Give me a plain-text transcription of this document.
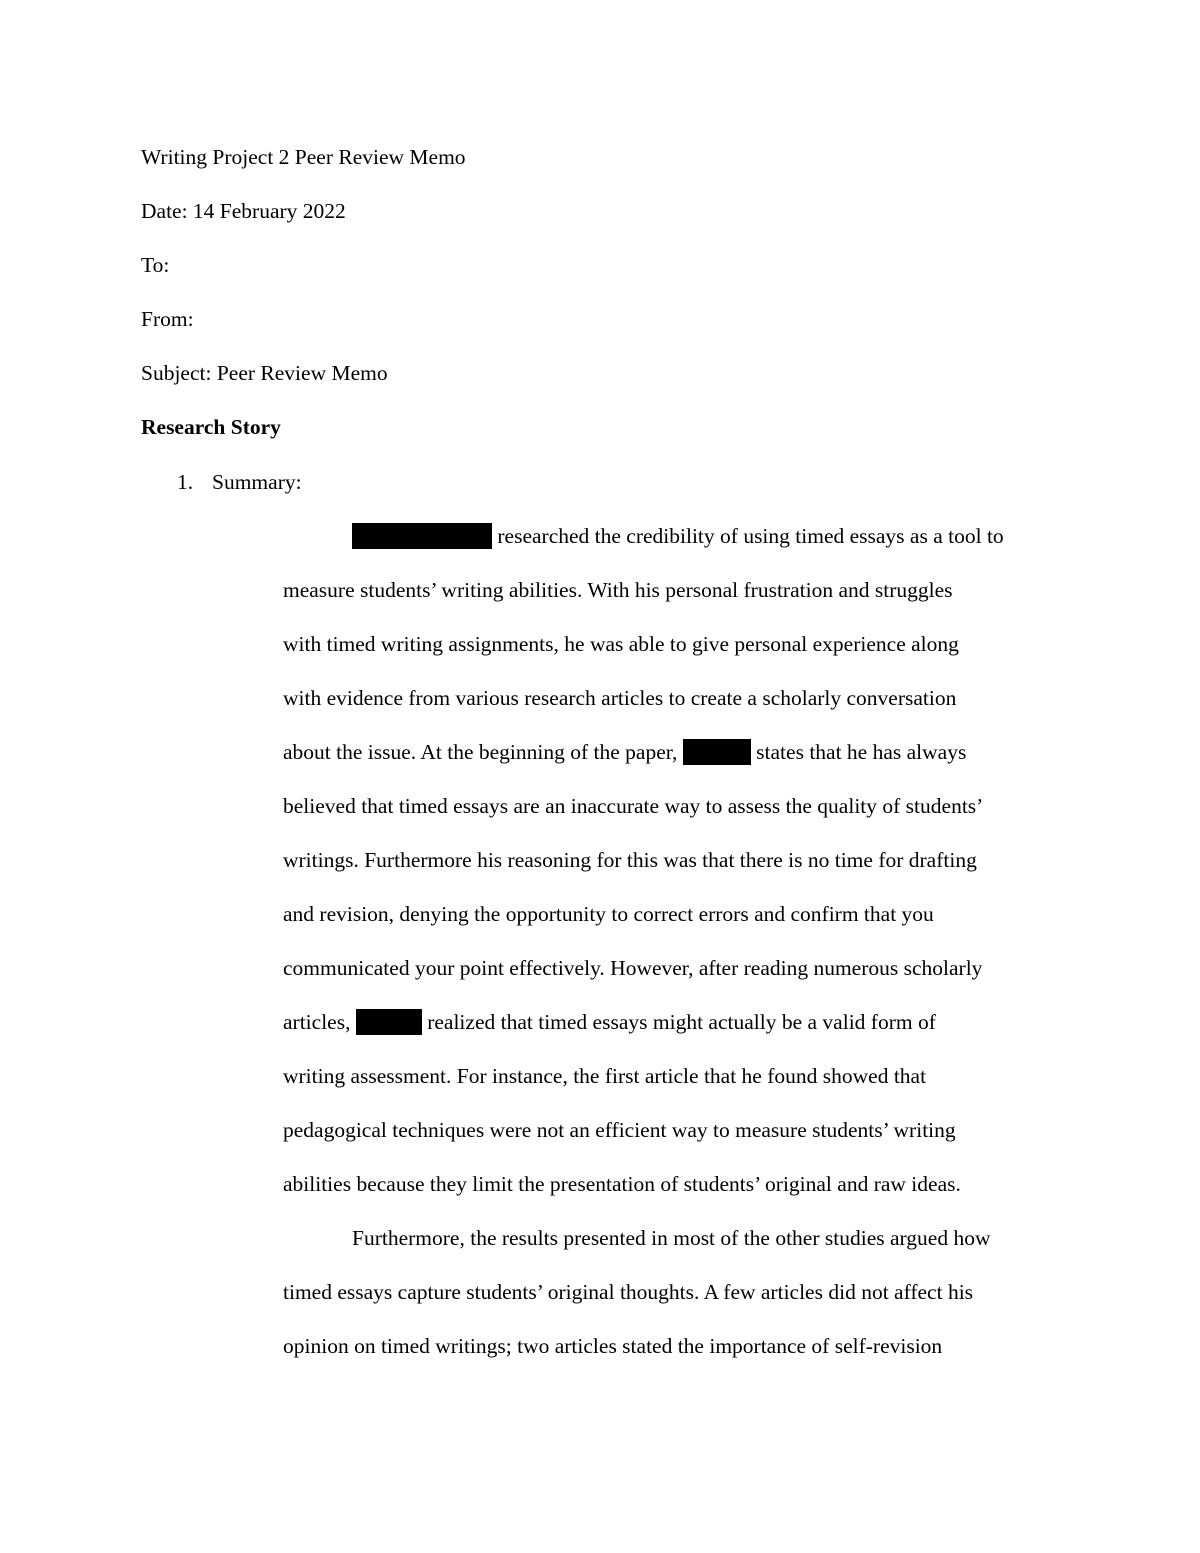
Writing Project 2 Peer Review Memo
Date: 14 February 2022
To:
From:
Subject: Peer Review Memo
Research Story
1. Summary:
researched the credibility of using timed essays as a tool to
measure students’ writing abilities. With his personal frustration and struggles
with timed writing assignments, he was able to give personal experience along
with evidence from various research articles to create a scholarly conversation
about the issue. At the beginning of the paper,	states that he has always
believed that timed essays are an inaccurate way to assess the quality of students’
writings. Furthermore his reasoning for this was that there is no time for drafting
and revision, denying the opportunity to correct errors and confirm that you
communicated your point effectively. However, after reading numerous scholarly
articles,	realized that timed essays might actually be a valid form of
writing assessment. For instance, the first article that he found showed that
pedagogical techniques were not an efficient way to measure students’ writing
abilities because they limit the presentation of students’ original and raw ideas.
Furthermore, the results presented in most of the other studies argued how
timed essays capture students’ original thoughts. A few articles did not affect his
opinion on timed writings; two articles stated the importance of self-revision
